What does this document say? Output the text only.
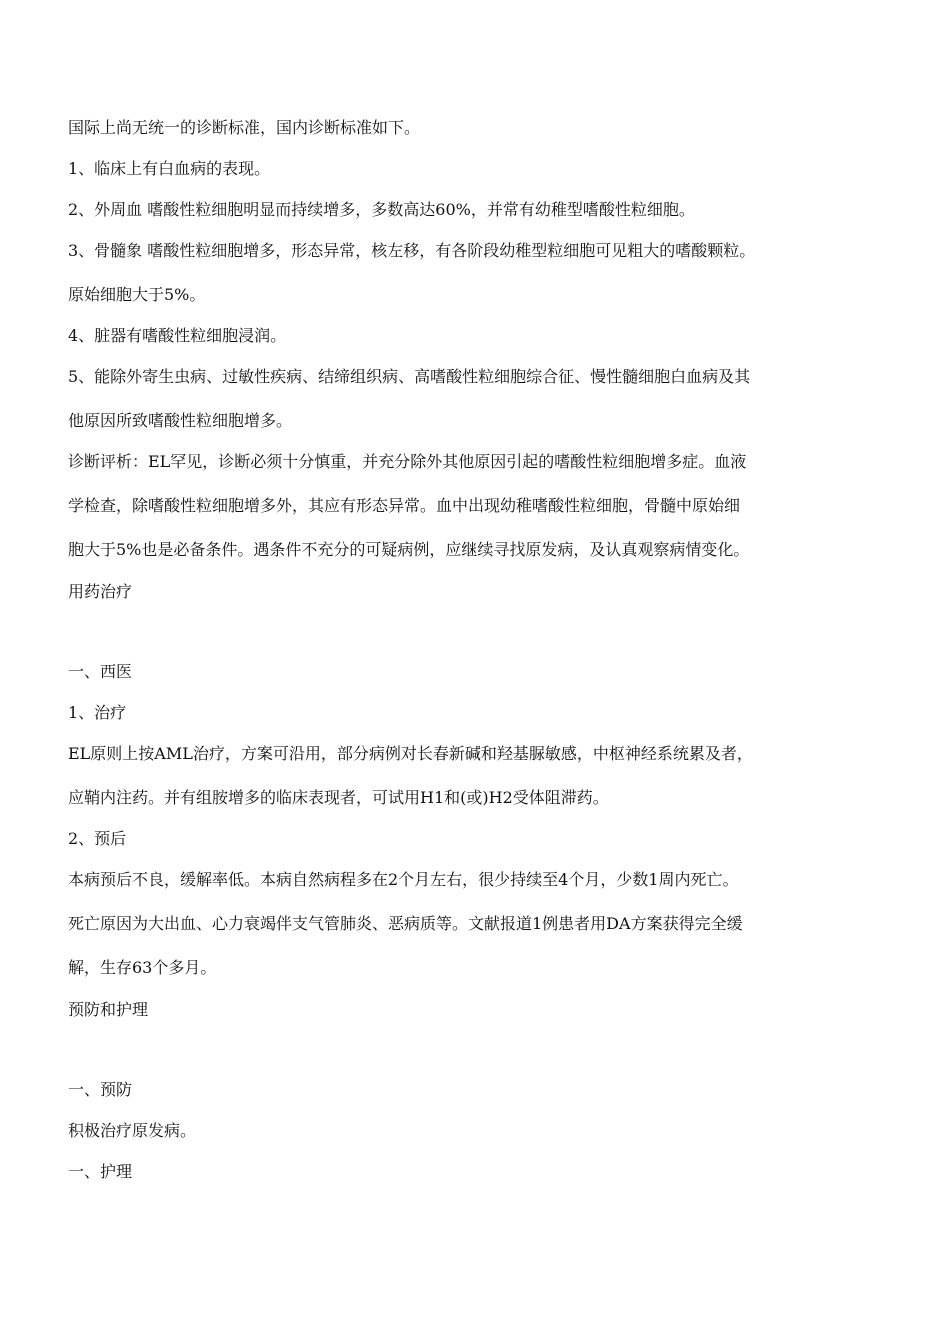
国际上尚无统一的诊断标准，国内诊断标准如下。

1、临床上有白血病的表现。

2、外周血 嗜酸性粒细胞明显而持续增多，多数高达60%，并常有幼稚型嗜酸性粒细胞。

3、骨髓象 嗜酸性粒细胞增多，形态异常，核左移，有各阶段幼稚型粒细胞可见粗大的嗜酸颗粒。

原始细胞大于5%。

4、脏器有嗜酸性粒细胞浸润。

5、能除外寄生虫病、过敏性疾病、结缔组织病、高嗜酸性粒细胞综合征、慢性髓细胞白血病及其

他原因所致嗜酸性粒细胞增多。

诊断评析：EL罕见，诊断必须十分慎重，并充分除外其他原因引起的嗜酸性粒细胞增多症。血液

学检查，除嗜酸性粒细胞增多外，其应有形态异常。血中出现幼稚嗜酸性粒细胞，骨髓中原始细

胞大于5%也是必备条件。遇条件不充分的可疑病例，应继续寻找原发病，及认真观察病情变化。

用药治疗

一、西医

1、治疗

EL原则上按AML治疗，方案可沿用，部分病例对长春新碱和羟基脲敏感，中枢神经系统累及者，

应鞘内注药。并有组胺增多的临床表现者，可试用H1和(或)H2受体阻滞药。

2、预后

本病预后不良，缓解率低。本病自然病程多在2个月左右，很少持续至4个月，少数1周内死亡。

死亡原因为大出血、心力衰竭伴支气管肺炎、恶病质等。文献报道1例患者用DA方案获得完全缓

解，生存63个多月。

预防和护理

一、预防

积极治疗原发病。

一、护理
